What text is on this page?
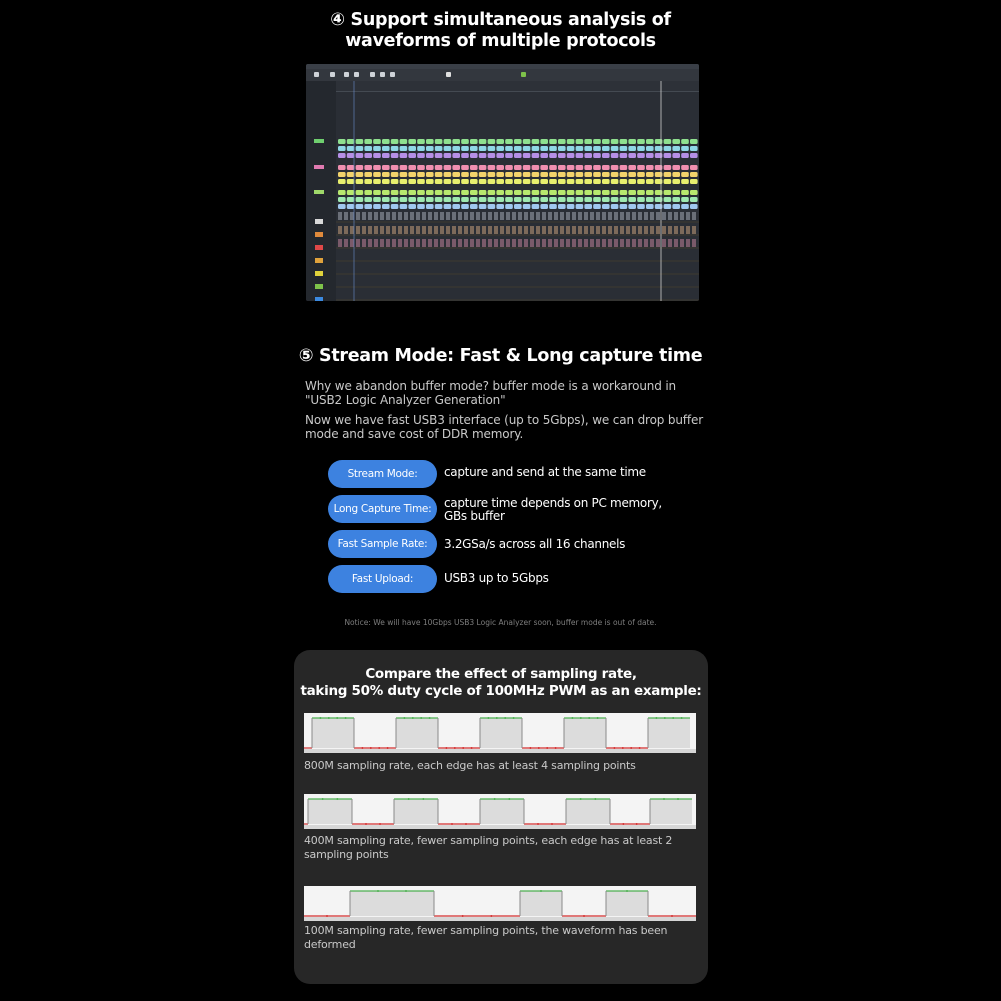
④ Support simultaneous analysis of
waveforms of multiple protocols
⑤ Stream Mode: Fast & Long capture time
Why we abandon buffer mode? buffer mode is a workaround in "USB2 Logic Analyzer Generation"
Now we have fast USB3 interface (up to 5Gbps), we can drop buffer mode and save cost of DDR memory.
Stream Mode:	capture and send at the same time
Long Capture Time:	capture time depends on PC memory,
GBs buffer
Fast Sample Rate:	3.2GSa/s across all 16 channels
Fast Upload:	USB3 up to 5Gbps
Notice: We will have 10Gbps USB3 Logic Analyzer soon, buffer mode is out of date.
Compare the effect of sampling rate,
taking 50% duty cycle of 100MHz PWM as an example:
800M sampling rate, each edge has at least 4 sampling points
400M sampling rate, fewer sampling points, each edge has at least 2 sampling points
100M sampling rate, fewer sampling points, the waveform has been deformed
